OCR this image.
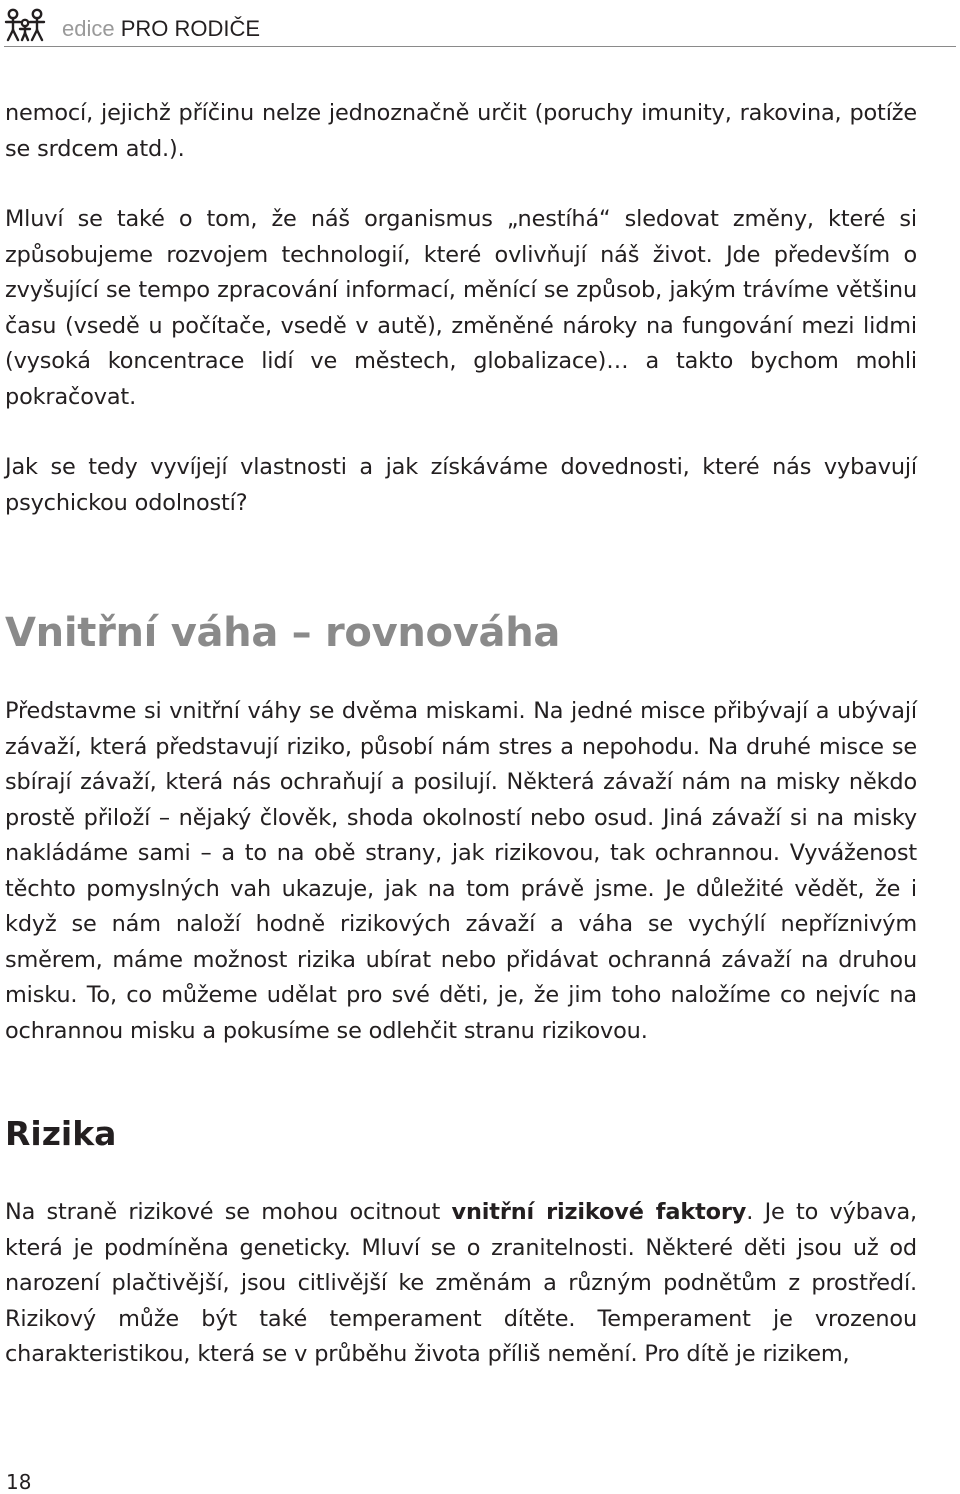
edice PRO RODIČE

nemocí, jejichž příčinu nelze jednoznačně určit (poruchy imunity, rakovina, potíže se srdcem atd.).

Mluví se také o tom, že náš organismus „nestíhá“ sledovat změny, které si způsobujeme rozvojem technologií, které ovlivňují náš život. Jde především o zvyšující se tempo zpracování informací, měnící se způsob, jakým trávíme většinu času (vsedě u počítače, vsedě v autě), změněné nároky na fungování mezi lidmi (vysoká koncentrace lidí ve městech, globalizace)… a takto bychom mohli pokračovat.

Jak se tedy vyvíjejí vlastnosti a jak získáváme dovednosti, které nás vybavují psychickou odolností?

Vnitřní váha – rovnováha

Představme si vnitřní váhy se dvěma miskami. Na jedné misce přibývají a ubývají závaží, která představují riziko, působí nám stres a nepohodu. Na druhé misce se sbírají závaží, která nás ochraňují a posilují. Některá závaží nám na misky někdo prostě přiloží – nějaký člověk, shoda okolností nebo osud. Jiná závaží si na misky nakládáme sami – a to na obě strany, jak rizikovou, tak ochrannou. Vyváženost těchto pomyslných vah ukazuje, jak na tom právě jsme. Je důležité vědět, že i když se nám naloží hodně rizikových závaží a váha se vychýlí nepříznivým směrem, máme možnost rizika ubírat nebo přidávat ochranná závaží na druhou misku. To, co můžeme udělat pro své děti, je, že jim toho naložíme co nejvíc na ochrannou misku a pokusíme se odlehčit stranu rizikovou.

Rizika

Na straně rizikové se mohou ocitnout vnitřní rizikové faktory. Je to výbava, která je podmíněna geneticky. Mluví se o zranitelnosti. Některé děti jsou už od narození plačtivější, jsou citlivější ke změnám a různým podnětům z prostředí. Rizikový může být také temperament dítěte. Temperament je vrozenou charakteristikou, která se v průběhu života příliš nemění. Pro dítě je rizikem,

18
